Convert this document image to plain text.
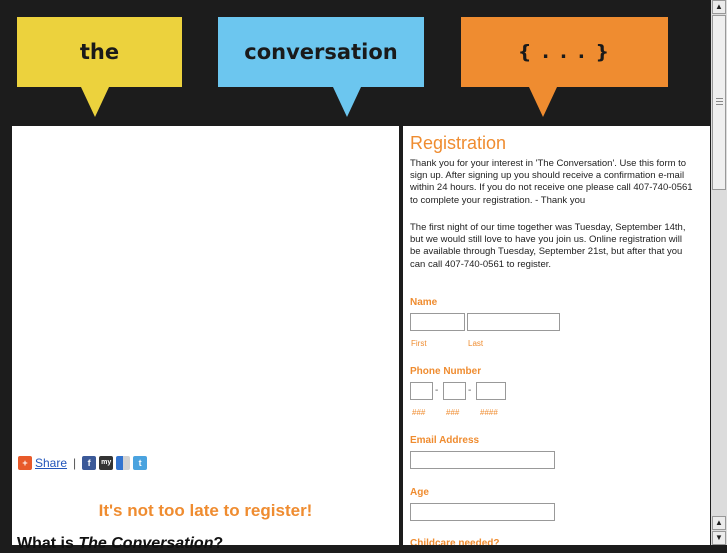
the	conversation	{ . . . }
+ Share |	f	my	t
It's not too late to register!
What is The Conversation?
Registration

Thank you for your interest in 'The Conversation'. Use this form to sign up. After signing up you should receive a confirmation e-mail within 24 hours. If you do not receive one please call 407-740-0561 to complete your registration. - Thank you

The first night of our time together was Tuesday, September 14th, but we would still love to have you join us. Online registration will be available through Tuesday, September 21st, but after that you can call 407-740-0561 to register.

Name
First	Last
Phone Number
-	-
###	###	####
Email Address
Age
Childcare needed?
▲
▲
▼
